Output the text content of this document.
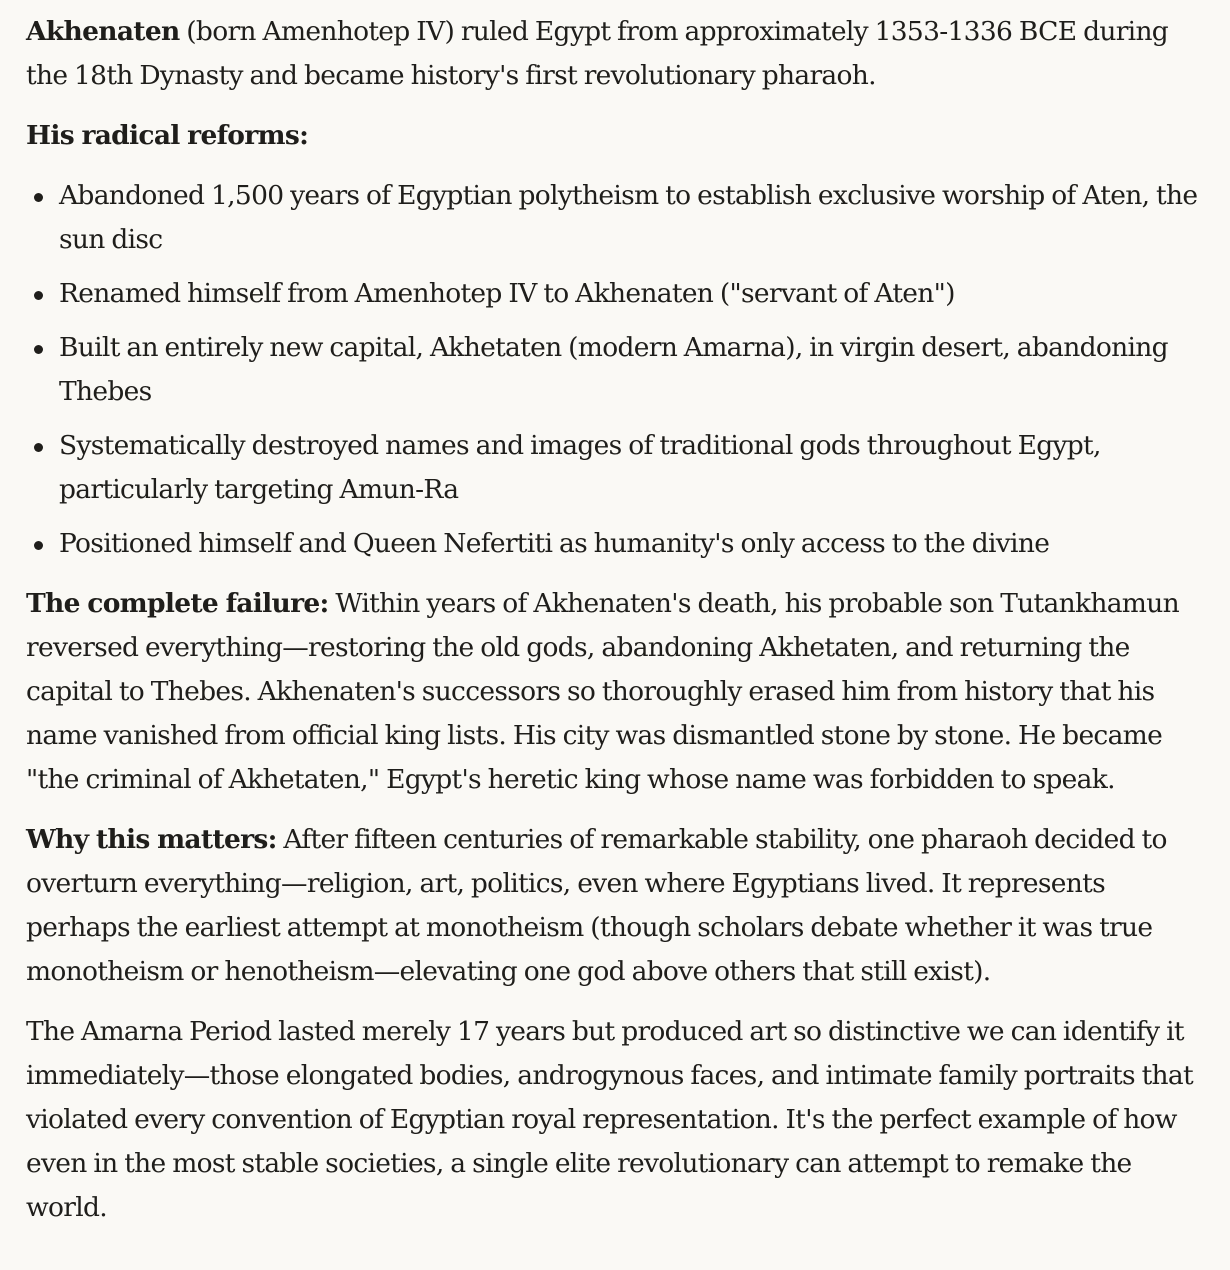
Akhenaten (born Amenhotep IV) ruled Egypt from approximately 1353-1336 BCE during the 18th Dynasty and became history's first revolutionary pharaoh.

His radical reforms:

Abandoned 1,500 years of Egyptian polytheism to establish exclusive worship of Aten, the sun disc
Renamed himself from Amenhotep IV to Akhenaten ("servant of Aten")
Built an entirely new capital, Akhetaten (modern Amarna), in virgin desert, abandoning Thebes
Systematically destroyed names and images of traditional gods throughout Egypt, particularly targeting Amun-Ra
Positioned himself and Queen Nefertiti as humanity's only access to the divine

The complete failure: Within years of Akhenaten's death, his probable son Tutankhamun reversed everything—restoring the old gods, abandoning Akhetaten, and returning the capital to Thebes. Akhenaten's successors so thoroughly erased him from history that his name vanished from official king lists. His city was dismantled stone by stone. He became "the criminal of Akhetaten," Egypt's heretic king whose name was forbidden to speak.

Why this matters: After fifteen centuries of remarkable stability, one pharaoh decided to overturn everything—religion, art, politics, even where Egyptians lived. It represents perhaps the earliest attempt at monotheism (though scholars debate whether it was true monotheism or henotheism—elevating one god above others that still exist).

The Amarna Period lasted merely 17 years but produced art so distinctive we can identify it immediately—those elongated bodies, androgynous faces, and intimate family portraits that violated every convention of Egyptian royal representation. It's the perfect example of how even in the most stable societies, a single elite revolutionary can attempt to remake the world.
